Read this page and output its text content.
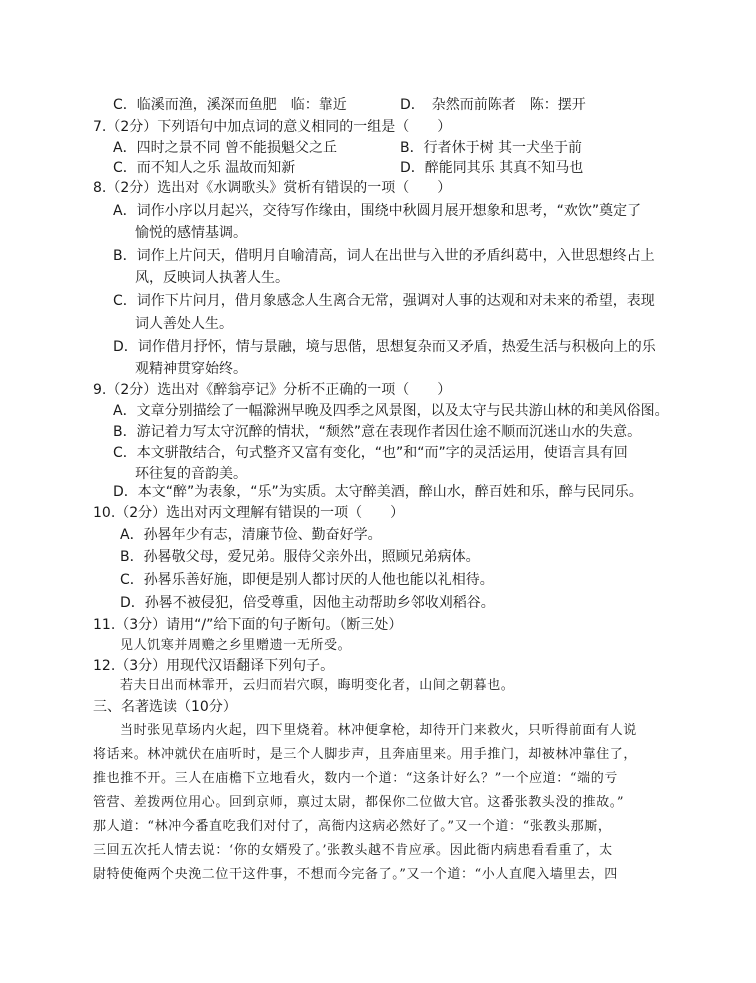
C．临溪而渔，溪深而鱼肥　临：靠近	D．　杂然而前陈者　陈：摆开
7.（2分）下列语句中加点词的意义相同的一组是（　　）
A．四时之景不同 曾不能损魁父之丘	B．行者休于树 其一犬坐于前
C．而不知人之乐 温故而知新	D．醉能同其乐 其真不知马也
8.（2分）选出对《水调歌头》赏析有错误的一项（　　）
A．词作小序以月起兴，交待写作缘由，围绕中秋圆月展开想象和思考，“欢饮”奠定了
愉悦的感情基调。
B．词作上片问天，借明月自喻清高，词人在出世与入世的矛盾纠葛中，入世思想终占上
风，反映词人执著人生。
C．词作下片问月，借月象感念人生离合无常，强调对人事的达观和对未来的希望，表现
词人善处人生。
D．词作借月抒怀，情与景融，境与思偕，思想复杂而又矛盾，热爱生活与积极向上的乐
观精神贯穿始终。
9.（2分）选出对《醉翁亭记》分析不正确的一项（　　）
A．文章分别描绘了一幅滁洲早晚及四季之风景图，以及太守与民共游山林的和美风俗图。
B．游记着力写太守沉醉的情状，“颓然”意在表现作者因仕途不顺而沉迷山水的失意。
C．本文骈散结合，句式整齐又富有变化，“也”和“而”字的灵活运用，使语言具有回
环往复的音韵美。
D．本文“醉”为表象，“乐”为实质。太守醉美酒，醉山水，醉百姓和乐，醉与民同乐。
10.（2分）选出对丙文理解有错误的一项（　　）
A．孙晷年少有志，清廉节俭、勤奋好学。
B．孙晷敬父母，爱兄弟。服侍父亲外出，照顾兄弟病体。
C．孙晷乐善好施，即便是别人都讨厌的人他也能以礼相待。
D．孙晷不被侵犯，倍受尊重，因他主动帮助乡邻收刈稻谷。
11.（3分）请用“/”给下面的句子断句。（断三处）
见人饥寒并周赡之乡里赠遗一无所受。
12.（3分）用现代汉语翻译下列句子。
若夫日出而林霏开，云归而岩穴暝，晦明变化者，山间之朝暮也。
三、名著选读（10分）
当时张见草场内火起，四下里烧着。林冲便拿枪，却待开门来救火，只听得前面有人说
将话来。林冲就伏在庙听时，是三个人脚步声，且奔庙里来。用手推门，却被林冲靠住了，
推也推不开。三人在庙檐下立地看火，数内一个道：“这条计好么？”一个应道：“端的亏
管营、差拨两位用心。回到京师，禀过太尉，都保你二位做大官。这番张教头没的推故。”
那人道：“林冲今番直吃我们对付了，高衙内这病必然好了。”又一个道：“张教头那厮，
三回五次托人情去说：‘你的女婿殁了。’张教头越不肯应承。因此衙内病患看看重了，太
尉特使俺两个央浼二位干这件事，不想而今完备了。”又一个道：“小人直爬入墙里去，四
